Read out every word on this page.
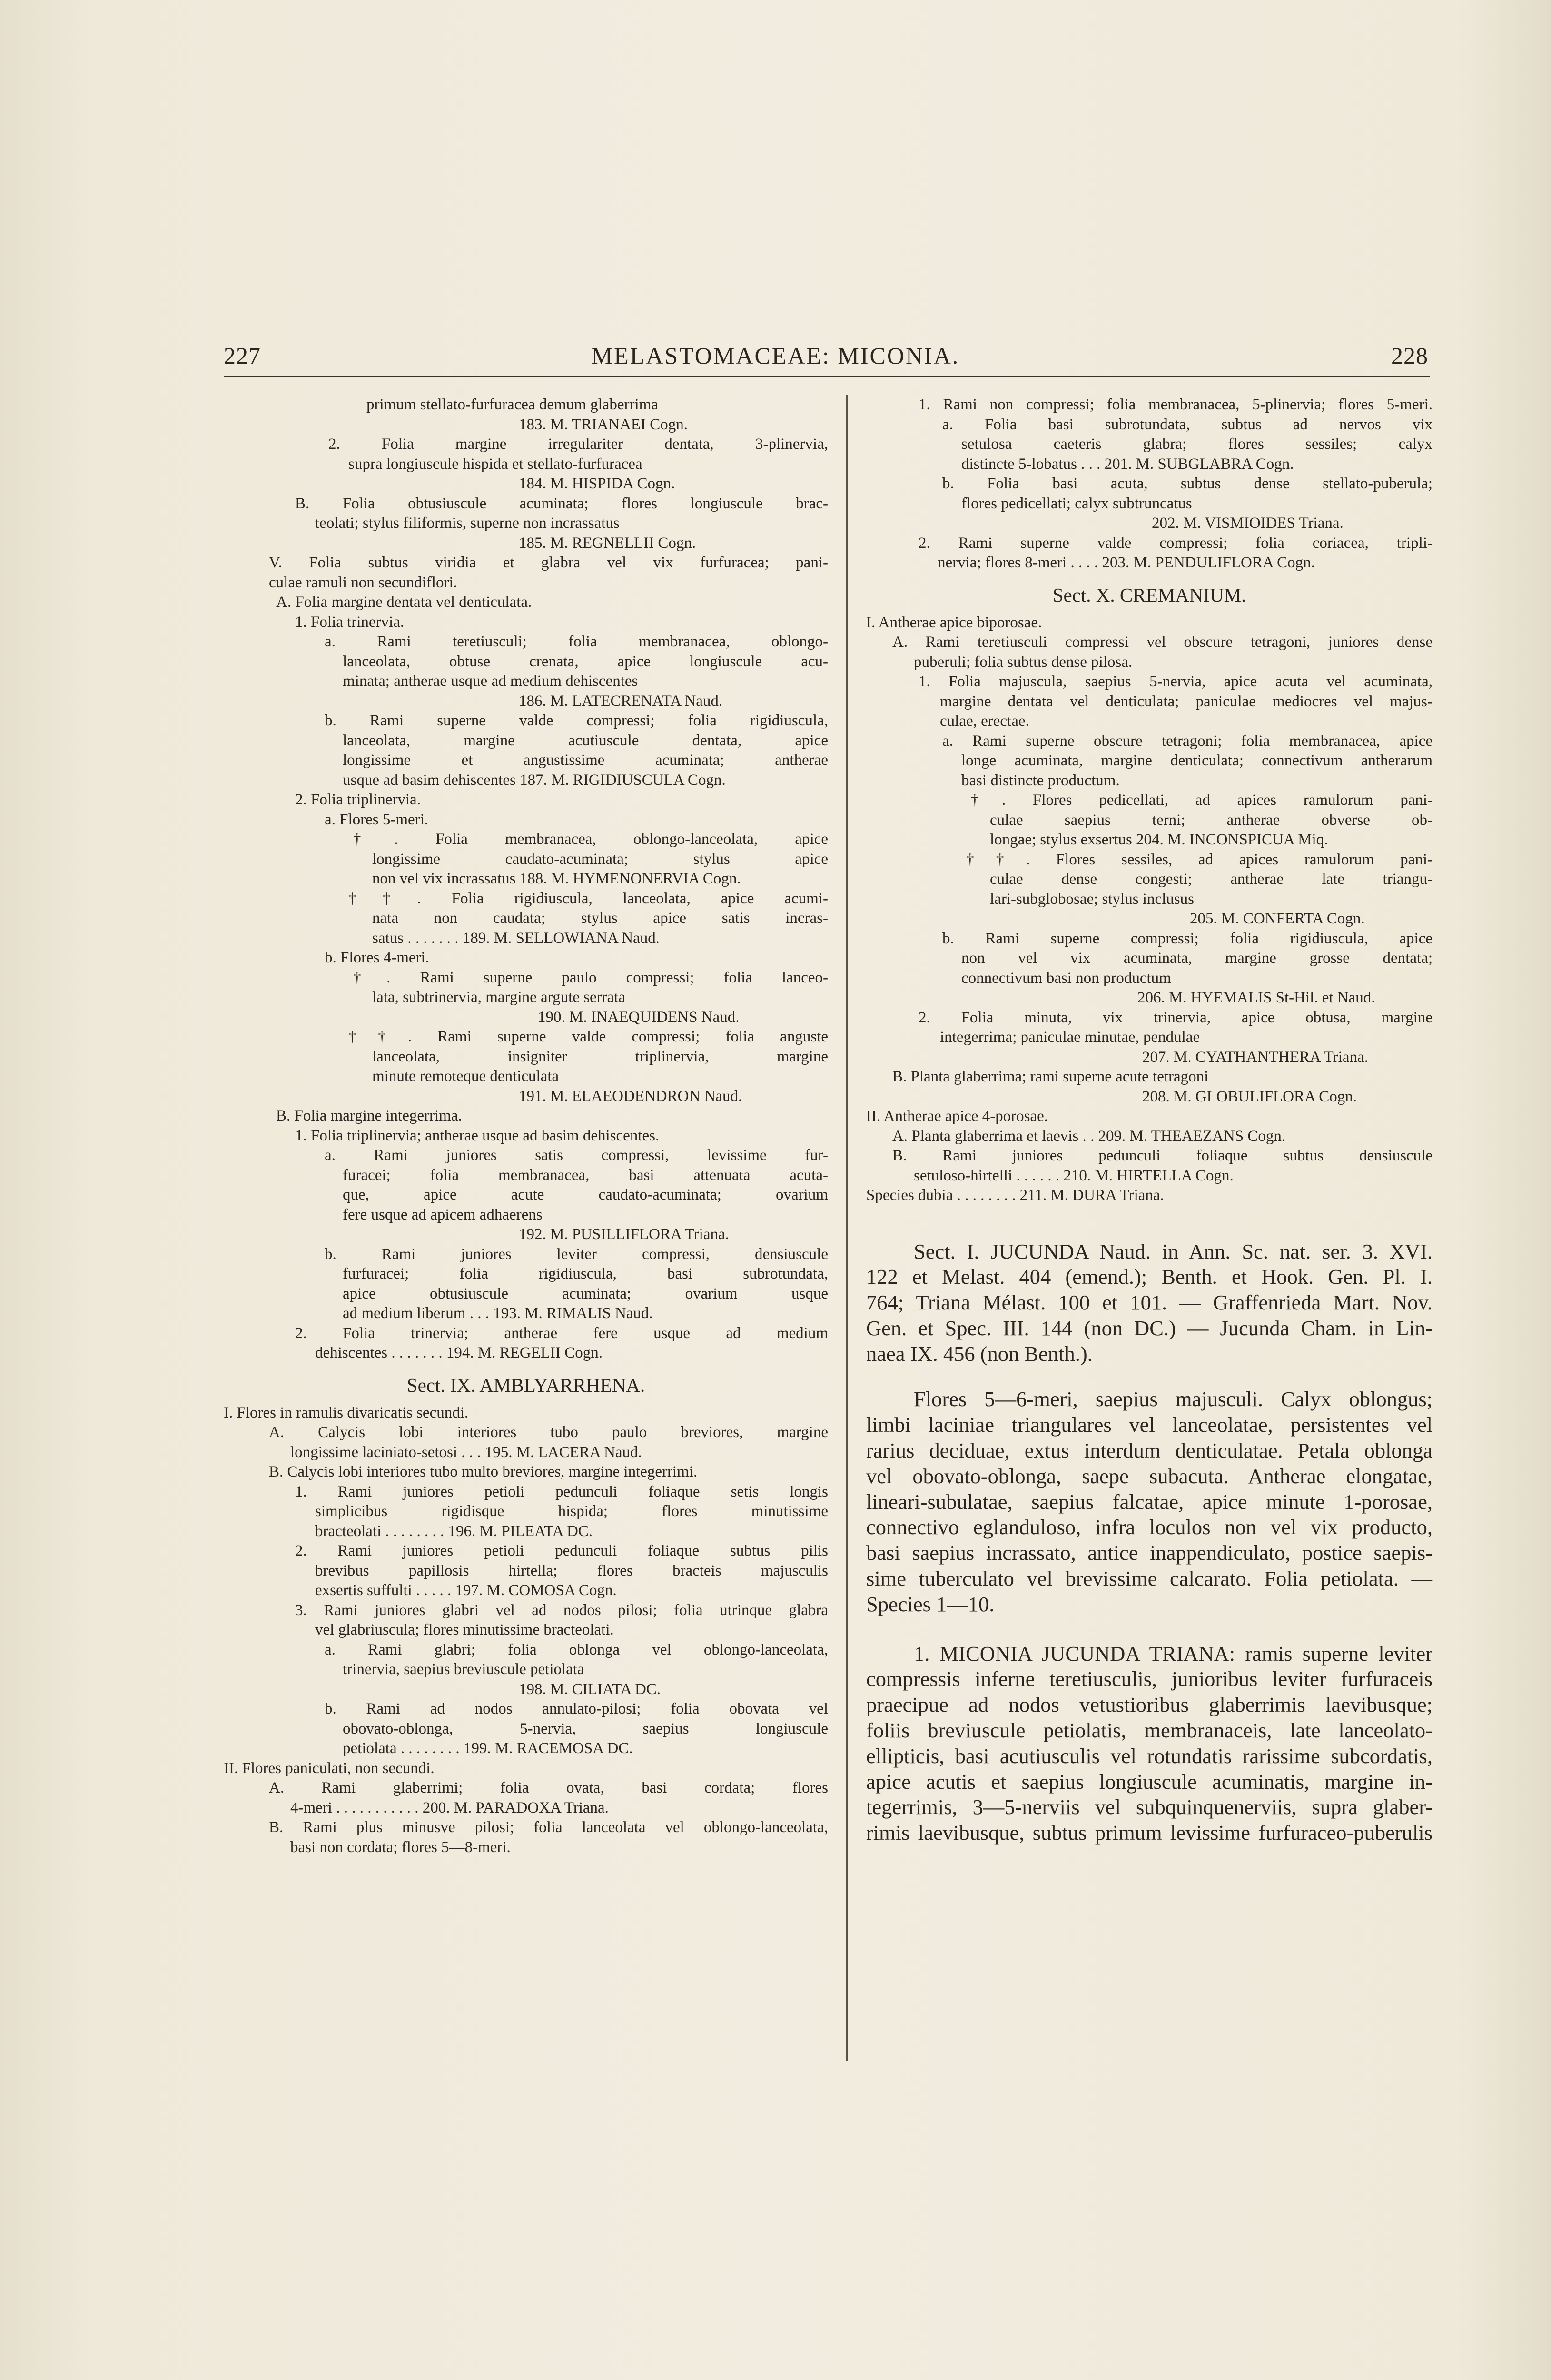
227	MELASTOMACEAE: MICONIA.	228
primum stellato-furfuracea demum glaberrima
183. M. TRIANAEI Cogn.
2. Folia margine irregulariter dentata, 3-plinervia,
supra longiuscule hispida et stellato-furfuracea
184. M. HISPIDA Cogn.
B. Folia obtusiuscule acuminata; flores longiuscule brac-
teolati; stylus filiformis, superne non incrassatus
185. M. REGNELLII Cogn.
V. Folia subtus viridia et glabra vel vix furfuracea; pani-
culae ramuli non secundiflori.
A. Folia margine dentata vel denticulata.
1. Folia trinervia.
a. Rami teretiusculi; folia membranacea, oblongo-
lanceolata, obtuse crenata, apice longiuscule acu-
minata; antherae usque ad medium dehiscentes
186. M. LATECRENATA Naud.
b. Rami superne valde compressi; folia rigidiuscula,
lanceolata, margine acutiuscule dentata, apice
longissime et angustissime acuminata; antherae
usque ad basim dehiscentes 187. M. RIGIDIUSCULA Cogn.
2. Folia triplinervia.
a. Flores 5-meri.
†. Folia membranacea, oblongo-lanceolata, apice
longissime caudato-acuminata; stylus apice
non vel vix incrassatus 188. M. HYMENONERVIA Cogn.
††. Folia rigidiuscula, lanceolata, apice acumi-
nata non caudata; stylus apice satis incras-
satus . . . . . . . 189. M. SELLOWIANA Naud.
b. Flores 4-meri.
†. Rami superne paulo compressi; folia lanceo-
lata, subtrinervia, margine argute serrata
190. M. INAEQUIDENS Naud.
††. Rami superne valde compressi; folia anguste
lanceolata, insigniter triplinervia, margine
minute remoteque denticulata
191. M. ELAEODENDRON Naud.
B. Folia margine integerrima.
1. Folia triplinervia; antherae usque ad basim dehiscentes.
a. Rami juniores satis compressi, levissime fur-
furacei; folia membranacea, basi attenuata acuta-
que, apice acute caudato-acuminata; ovarium
fere usque ad apicem adhaerens
192. M. PUSILLIFLORA Triana.
b. Rami juniores leviter compressi, densiuscule
furfuracei; folia rigidiuscula, basi subrotundata,
apice obtusiuscule acuminata; ovarium usque
ad medium liberum . . . 193. M. RIMALIS Naud.
2. Folia trinervia; antherae fere usque ad medium
dehiscentes . . . . . . . 194. M. REGELII Cogn.
Sect. IX. AMBLYARRHENA.
I. Flores in ramulis divaricatis secundi.
A. Calycis lobi interiores tubo paulo breviores, margine
longissime laciniato-setosi . . . 195. M. LACERA Naud.
B. Calycis lobi interiores tubo multo breviores, margine integerrimi.
1. Rami juniores petioli pedunculi foliaque setis longis
simplicibus rigidisque hispida; flores minutissime
bracteolati . . . . . . . . 196. M. PILEATA DC.
2. Rami juniores petioli pedunculi foliaque subtus pilis
brevibus papillosis hirtella; flores bracteis majusculis
exsertis suffulti . . . . . 197. M. COMOSA Cogn.
3. Rami juniores glabri vel ad nodos pilosi; folia utrinque glabra
vel glabriuscula; flores minutissime bracteolati.
a. Rami glabri; folia oblonga vel oblongo-lanceolata,
trinervia, saepius breviuscule petiolata
198. M. CILIATA DC.
b. Rami ad nodos annulato-pilosi; folia obovata vel
obovato-oblonga, 5-nervia, saepius longiuscule
petiolata . . . . . . . . 199. M. RACEMOSA DC.
II. Flores paniculati, non secundi.
A. Rami glaberrimi; folia ovata, basi cordata; flores
4-meri . . . . . . . . . . . 200. M. PARADOXA Triana.
B. Rami plus minusve pilosi; folia lanceolata vel oblongo-lanceolata,
basi non cordata; flores 5—8-meri.
1. Rami non compressi; folia membranacea, 5-plinervia; flores 5-meri.
a. Folia basi subrotundata, subtus ad nervos vix
setulosa caeteris glabra; flores sessiles; calyx
distincte 5-lobatus . . . 201. M. SUBGLABRA Cogn.
b. Folia basi acuta, subtus dense stellato-puberula;
flores pedicellati; calyx subtruncatus
202. M. VISMIOIDES Triana.
2. Rami superne valde compressi; folia coriacea, tripli-
nervia; flores 8-meri . . . . 203. M. PENDULIFLORA Cogn.
Sect. X. CREMANIUM.
I. Antherae apice biporosae.
A. Rami teretiusculi compressi vel obscure tetragoni, juniores dense
puberuli; folia subtus dense pilosa.
1. Folia majuscula, saepius 5-nervia, apice acuta vel acuminata,
margine dentata vel denticulata; paniculae mediocres vel majus-
culae, erectae.
a. Rami superne obscure tetragoni; folia membranacea, apice
longe acuminata, margine denticulata; connectivum antherarum
basi distincte productum.
†. Flores pedicellati, ad apices ramulorum pani-
culae saepius terni; antherae obverse ob-
longae; stylus exsertus 204. M. INCONSPICUA Miq.
††. Flores sessiles, ad apices ramulorum pani-
culae dense congesti; antherae late triangu-
lari-subglobosae; stylus inclusus
205. M. CONFERTA Cogn.
b. Rami superne compressi; folia rigidiuscula, apice
non vel vix acuminata, margine grosse dentata;
connectivum basi non productum
206. M. HYEMALIS St-Hil. et Naud.
2. Folia minuta, vix trinervia, apice obtusa, margine
integerrima; paniculae minutae, pendulae
207. M. CYATHANTHERA Triana.
B. Planta glaberrima; rami superne acute tetragoni
208. M. GLOBULIFLORA Cogn.
II. Antherae apice 4-porosae.
A. Planta glaberrima et laevis . . 209. M. THEAEZANS Cogn.
B. Rami juniores pedunculi foliaque subtus densiuscule
setuloso-hirtelli . . . . . . 210. M. HIRTELLA Cogn.
Species dubia . . . . . . . . 211. M. DURA Triana.
Sect. I. JUCUNDA Naud. in Ann. Sc. nat. ser. 3. XVI.
122 et Melast. 404 (emend.); Benth. et Hook. Gen. Pl. I.
764; Triana Mélast. 100 et 101. — Graffenrieda Mart. Nov.
Gen. et Spec. III. 144 (non DC.) — Jucunda Cham. in Lin-
naea IX. 456 (non Benth.).
Flores 5—6-meri, saepius majusculi. Calyx oblongus;
limbi laciniae triangulares vel lanceolatae, persistentes vel
rarius deciduae, extus interdum denticulatae. Petala oblonga
vel obovato-oblonga, saepe subacuta. Antherae elongatae,
lineari-subulatae, saepius falcatae, apice minute 1-porosae,
connectivo eglanduloso, infra loculos non vel vix producto,
basi saepius incrassato, antice inappendiculato, postice saepis-
sime tuberculato vel brevissime calcarato. Folia petiolata. —
Species 1—10.
1. MICONIA JUCUNDA TRIANA: ramis superne leviter
compressis inferne teretiusculis, junioribus leviter furfuraceis
praecipue ad nodos vetustioribus glaberrimis laevibusque;
foliis breviuscule petiolatis, membranaceis, late lanceolato-
ellipticis, basi acutiusculis vel rotundatis rarissime subcordatis,
apice acutis et saepius longiuscule acuminatis, margine in-
tegerrimis, 3—5-nerviis vel subquinquenerviis, supra glaber-
rimis laevibusque, subtus primum levissime furfuraceo-puberulis
